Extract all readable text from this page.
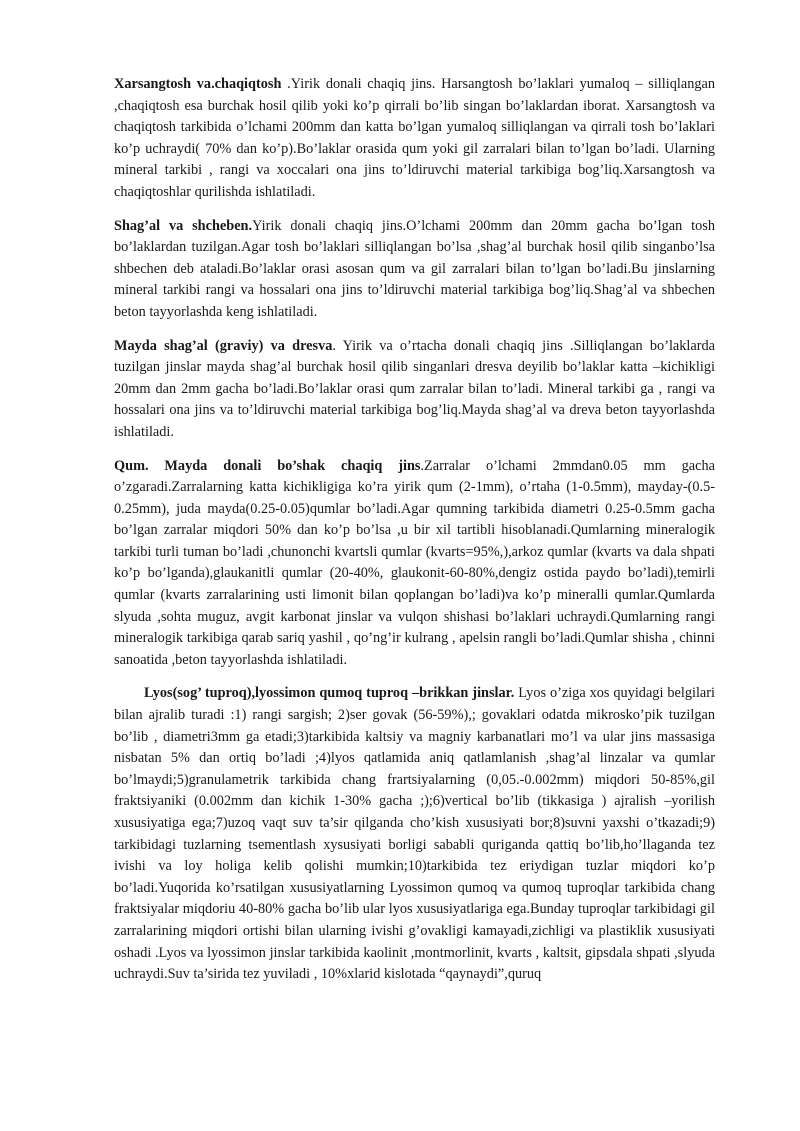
Xarsangtosh va.chaqiqtosh .Yirik donali chaqiq jins. Harsangtosh bo’laklari yumaloq – silliqlangan ,chaqiqtosh esa burchak hosil qilib yoki ko’p qirrali bo’lib singan bo’laklardan iborat. Xarsangtosh va chaqiqtosh tarkibida o’lchami 200mm dan katta bo’lgan yumaloq silliqlangan va qirrali tosh bo’laklari ko’p uchraydi( 70% dan ko’p).Bo’laklar orasida qum yoki gil zarralari bilan to’lgan bo’ladi. Ularning mineral tarkibi , rangi va xoccalari ona jins to’ldiruvchi material tarkibiga bog’liq.Xarsangtosh va chaqiqtoshlar qurilishda ishlatiladi.

Shag’al va shcheben.Yirik donali chaqiq jins.O’lchami 200mm dan 20mm gacha bo’lgan tosh bo’laklardan tuzilgan.Agar tosh bo’laklari silliqlangan bo’lsa ,shag’al burchak hosil qilib singanbo’lsa shbechen deb ataladi.Bo’laklar orasi asosan qum va gil zarralari bilan to’lgan bo’ladi.Bu jinslarning mineral tarkibi rangi va hossalari ona jins to’ldiruvchi material tarkibiga bog’liq.Shag’al va shbechen beton tayyorlashda keng ishlatiladi.

Mayda shag’al (graviy) va dresva. Yirik va o’rtacha donali chaqiq jins .Silliqlangan bo’laklarda tuzilgan jinslar mayda shag’al burchak hosil qilib singanlari dresva deyilib bo’laklar katta –kichikligi 20mm dan 2mm gacha bo’ladi.Bo’laklar orasi qum zarralar bilan to’ladi. Mineral tarkibi ga , rangi va hossalari ona jins va to’ldiruvchi material tarkibiga bog’liq.Mayda shag’al va dreva beton tayyorlashda ishlatiladi.

Qum. Mayda donali bo’shak chaqiq jins.Zarralar o’lchami 2mmdan0.05 mm gacha o’zgaradi.Zarralarning katta kichikligiga ko’ra yirik qum (2-1mm), o’rtaha (1-0.5mm), mayday-(0.5-0.25mm), juda mayda(0.25-0.05)qumlar bo’ladi.Agar qumning tarkibida diametri 0.25-0.5mm gacha bo’lgan zarralar miqdori 50% dan ko’p bo’lsa ,u bir xil tartibli hisoblanadi.Qumlarning mineralogik tarkibi turli tuman bo’ladi ,chunonchi kvartsli qumlar (kvarts=95%,),arkoz qumlar (kvarts va dala shpati ko’p bo’lganda),glaukanitli qumlar (20-40%, glaukonit-60-80%,dengiz ostida paydo bo’ladi),temirli qumlar (kvarts zarralarining usti limonit bilan qoplangan bo’ladi)va ko’p mineralli qumlar.Qumlarda slyuda ,sohta muguz, avgit karbonat jinslar va vulqon shishasi bo’laklari uchraydi.Qumlarning rangi mineralogik tarkibiga qarab sariq yashil , qo’ng’ir kulrang , apelsin rangli bo’ladi.Qumlar shisha , chinni sanoatida ,beton tayyorlashda ishlatiladi.

Lyos(sog’ tuproq),lyossimon qumoq tuproq –brikkan jinslar. Lyos o’ziga xos quyidagi belgilari bilan ajralib turadi :1) rangi sargish; 2)ser govak (56-59%),; govaklari odatda mikrosko’pik tuzilgan bo’lib , diametri3mm ga etadi;3)tarkibida kaltsiy va magniy karbanatlari mo’l va ular jins massasiga nisbatan 5% dan ortiq bo’ladi ;4)lyos qatlamida aniq qatlamlanish ,shag’al linzalar va qumlar bo’lmaydi;5)granulametrik tarkibida chang frartsiyalarning (0,05.-0.002mm) miqdori 50-85%,gil fraktsiyaniki (0.002mm dan kichik 1-30% gacha ;);6)vertical bo’lib (tikkasiga ) ajralish –yorilish xususiyatiga ega;7)uzoq vaqt suv ta’sir qilganda cho’kish xususiyati bor;8)suvni yaxshi o’tkazadi;9) tarkibidagi tuzlarning tsementlash xysusiyati borligi sababli quriganda qattiq bo’lib,ho’llaganda tez ivishi va loy holiga kelib qolishi mumkin;10)tarkibida tez eriydigan tuzlar miqdori ko’p bo’ladi.Yuqorida ko’rsatilgan xususiyatlarning Lyossimon qumoq va qumoq tuproqlar tarkibida chang fraktsiyalar miqdoriu 40-80% gacha bo’lib ular lyos xususiyatlariga ega.Bunday tuproqlar tarkibidagi gil zarralarining miqdori ortishi bilan ularning ivishi g’ovakligi kamayadi,zichligi va plastiklik xususiyati oshadi .Lyos va lyossimon jinslar tarkibida kaolinit ,montmorlinit, kvarts , kaltsit, gipsdala shpati ,slyuda uchraydi.Suv ta’sirida tez yuviladi , 10%xlarid kislotada “qaynaydi”,quruq
